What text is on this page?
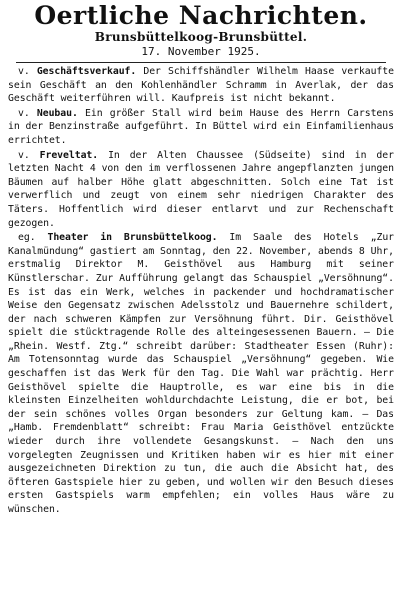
Oertliche Nachrichten.
Brunsbüttelkoog-Brunsbüttel.
17. November 1925.

v. Geschäftsverkauf. Der Schiffshändler Wilhelm Haase verkaufte sein Geschäft an den Kohlenhändler Schramm in Averlak, der das Geschäft weiterführen will. Kaufpreis ist nicht bekannt.

v. Neubau. Ein größer Stall wird beim Hause des Herrn Carstens in der Benzinstraße aufgeführt. In Büttel wird ein Einfamilienhaus errichtet.

v. Freveltat. In der Alten Chaussee (Südseite) sind in der letzten Nacht 4 von den im verflossenen Jahre angepflanzten jungen Bäumen auf halber Höhe glatt abgeschnitten. Solch eine Tat ist verwerflich und zeugt von einem sehr niedrigen Charakter des Täters. Hoffentlich wird dieser entlarvt und zur Rechenschaft gezogen.

eg. Theater in Brunsbüttelkoog. Im Saale des Hotels „Zur Kanalmündung“ gastiert am Sonntag, den 22. November, abends 8 Uhr, erstmalig Direktor M. Geisthövel aus Hamburg mit seiner Künstlerschar. Zur Aufführung gelangt das Schauspiel „Versöhnung“. Es ist das ein Werk, welches in packender und hochdramatischer Weise den Gegensatz zwischen Adelsstolz und Bauernehre schildert, der nach schweren Kämpfen zur Versöhnung führt. Dir. Geisthövel spielt die stücktragende Rolle des alteingesessenen Bauern. — Die „Rhein. Westf. Ztg.“ schreibt darüber: Stadtheater Essen (Ruhr): Am Totensonntag wurde das Schauspiel „Versöhnung“ gegeben. Wie geschaffen ist das Werk für den Tag. Die Wahl war prächtig. Herr Geisthövel spielte die Hauptrolle, es war eine bis in die kleinsten Einzelheiten wohldurchdachte Leistung, die er bot, bei der sein schönes volles Organ besonders zur Geltung kam. — Das „Hamb. Fremdenblatt“ schreibt: Frau Maria Geisthövel entzückte wieder durch ihre vollendete Gesangskunst. — Nach den uns vorgelegten Zeugnissen und Kritiken haben wir es hier mit einer ausgezeichneten Direktion zu tun, die auch die Absicht hat, des öfteren Gastspiele hier zu geben, und wollen wir den Besuch dieses ersten Gastspiels warm empfehlen; ein volles Haus wäre zu wünschen.
